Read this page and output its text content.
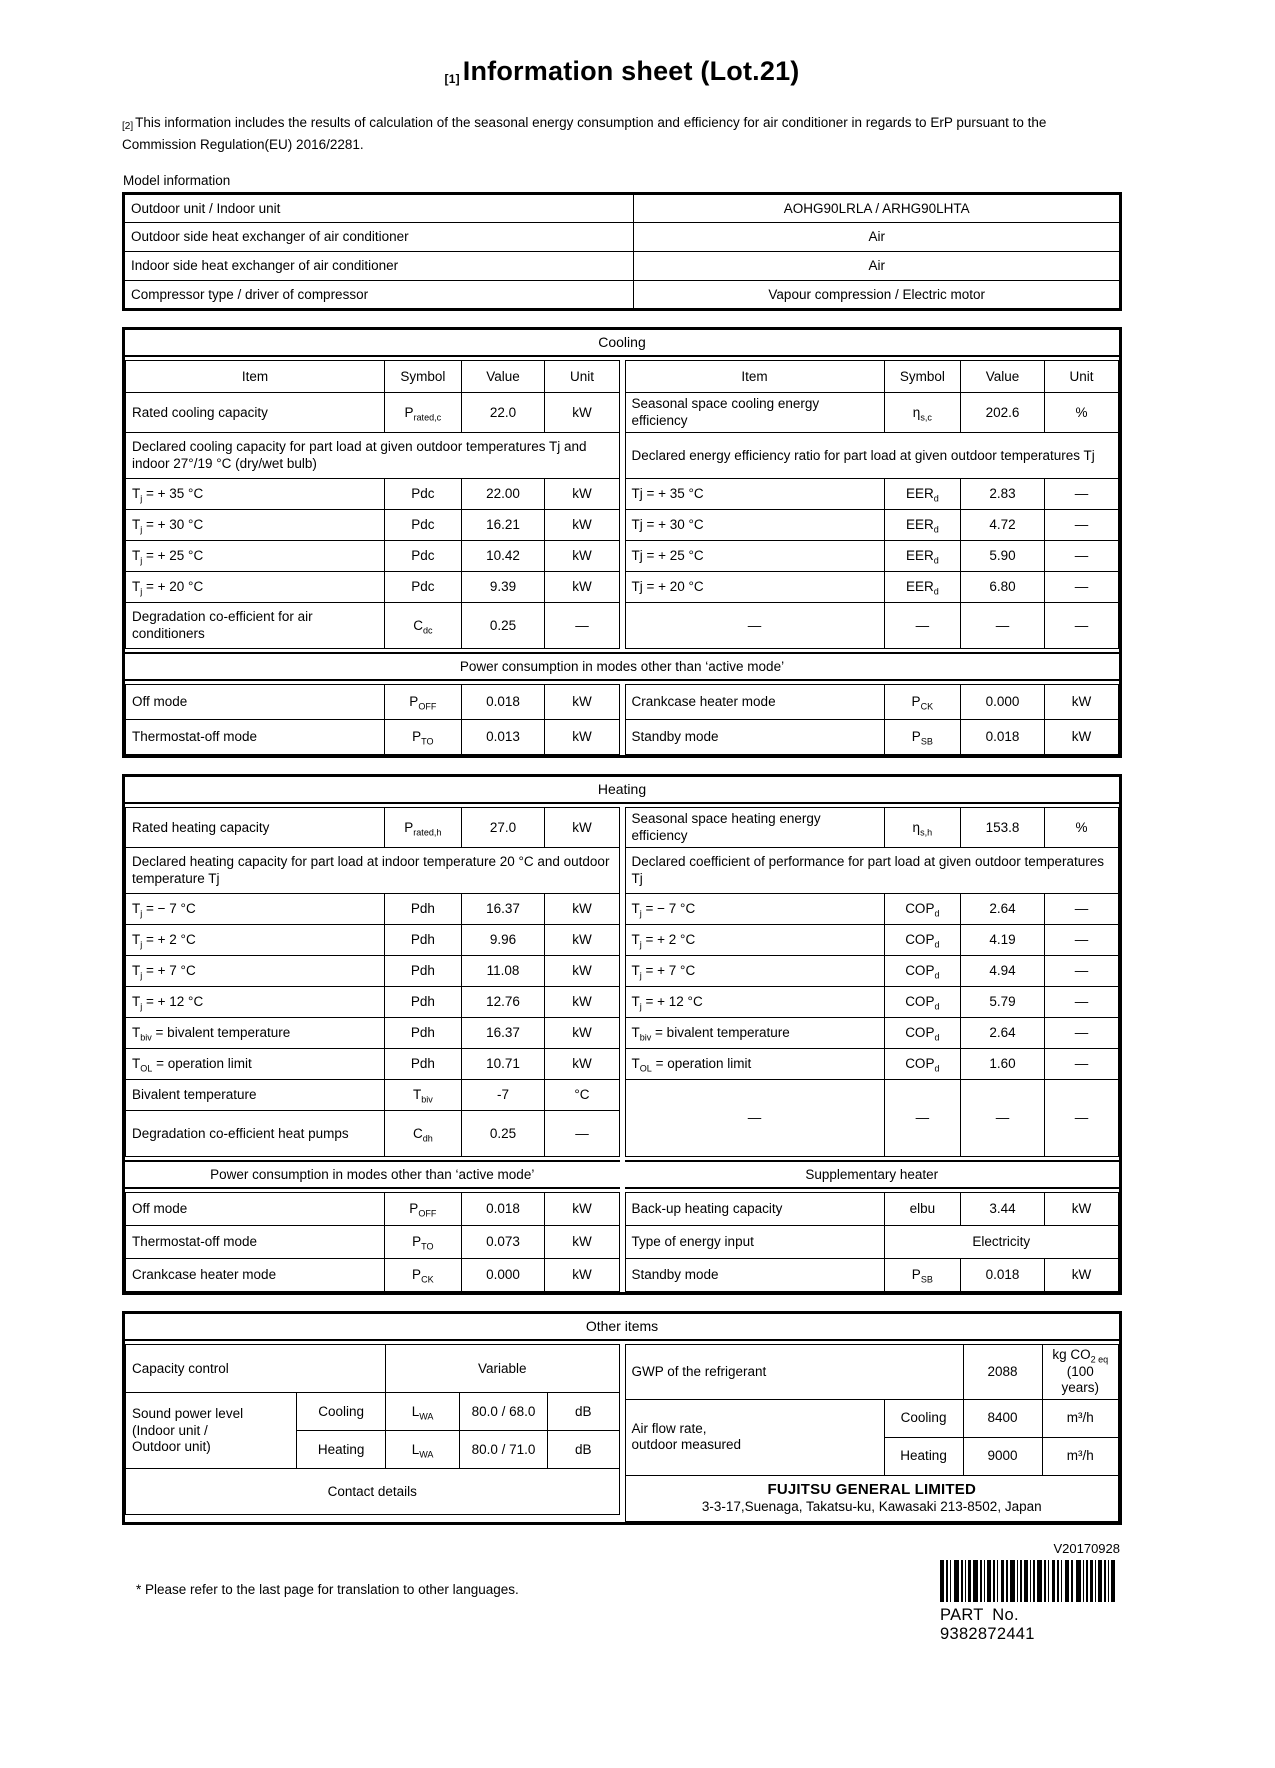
[1] Information sheet (Lot.21)

[2] This information includes the results of calculation of the seasonal energy consumption and efficiency for air conditioner in regards to ErP pursuant to the Commission Regulation(EU) 2016/2281.

Model information
Outdoor unit / Indoor unit	AOHG90LRLA / ARHG90LHTA
Outdoor side heat exchanger of air conditioner	Air
Indoor side heat exchanger of air conditioner	Air
Compressor type / driver of compressor	Vapour compression / Electric motor
Cooling
Item	Symbol	Value	Unit
Rated cooling capacity	$P_{rated,c}$	22.0	kW
Declared cooling capacity for part load at given outdoor temperatures Tj and indoor 27°/19 °C (dry/wet bulb)			
$T_j$ = + 35 °C	Pdc	22.00	kW
$T_j$ = + 30 °C	Pdc	16.21	kW
$T_j$ = + 25 °C	Pdc	10.42	kW
$T_j$ = + 20 °C	Pdc	9.39	kW
Degradation co-efficient for air conditioners	$C_{dc}$	0.25	—
Item	Symbol	Value	Unit
Seasonal space cooling energy efficiency	$\eta_{s,c}$	202.6	%
Declared energy efficiency ratio for part load at given outdoor temperatures Tj			
Tj = + 35 °C	$EER_d$	2.83	—
Tj = + 30 °C	$EER_d$	4.72	—
Tj = + 25 °C	$EER_d$	5.90	—
Tj = + 20 °C	$EER_d$	6.80	—
—	—	—	—
Power consumption in modes other than ‘active mode’
Off mode	$P_{OFF}$	0.018	kW
Thermostat-off mode	$P_{TO}$	0.013	kW
Crankcase heater mode	$P_{CK}$	0.000	kW
Standby mode	$P_{SB}$	0.018	kW
Heating
Rated heating capacity	$P_{rated,h}$	27.0	kW
Declared heating capacity for part load at indoor temperature 20 °C and outdoor temperature Tj			
$T_j$ = − 7 °C	Pdh	16.37	kW
$T_j$ = + 2 °C	Pdh	9.96	kW
$T_j$ = + 7 °C	Pdh	11.08	kW
$T_j$ = + 12 °C	Pdh	12.76	kW
$T_{biv}$ = bivalent temperature	Pdh	16.37	kW
$T_{OL}$ = operation limit	Pdh	10.71	kW
Bivalent temperature	$T_{biv}$	-7	°C
Degradation co-efficient heat pumps	$C_{dh}$	0.25	—
Seasonal space heating energy efficiency	$\eta_{s,h}$	153.8	%
Declared coefficient of performance for part load at given outdoor temperatures Tj			
$T_j$ = − 7 °C	$COP_d$	2.64	—
$T_j$ = + 2 °C	$COP_d$	4.19	—
$T_j$ = + 7 °C	$COP_d$	4.94	—
$T_j$ = + 12 °C	$COP_d$	5.79	—
$T_{biv}$ = bivalent temperature	$COP_d$	2.64	—
$T_{OL}$ = operation limit	$COP_d$	1.60	—
—	—	—	—
Power consumption in modes other than ‘active mode’	Supplementary heater
Off mode	$P_{OFF}$	0.018	kW
Thermostat-off mode	$P_{TO}$	0.073	kW
Crankcase heater mode	$P_{CK}$	0.000	kW
Back-up heating capacity	elbu	3.44	kW
Type of energy input	Electricity		
Standby mode	$P_{SB}$	0.018	kW
Other items
Capacity control		Variable		
Sound power level
(Indoor unit /
Outdoor unit)	Cooling	$L_{WA}$	80.0 / 68.0	dB
	Heating	$L_{WA}$	80.0 / 71.0	dB
Contact details				
GWP of the refrigerant		2088	kg $CO_{2 eq}$
(100 years)
Air flow rate,
outdoor measured	Cooling	8400	m³/h
	Heating	9000	m³/h
FUJITSU GENERAL LIMITED
3-3-17,Suenaga, Takatsu-ku, Kawasaki 213-8502, Japan			
V20170928
* Please refer to the last page for translation to other languages.
PART No. 9382872441
